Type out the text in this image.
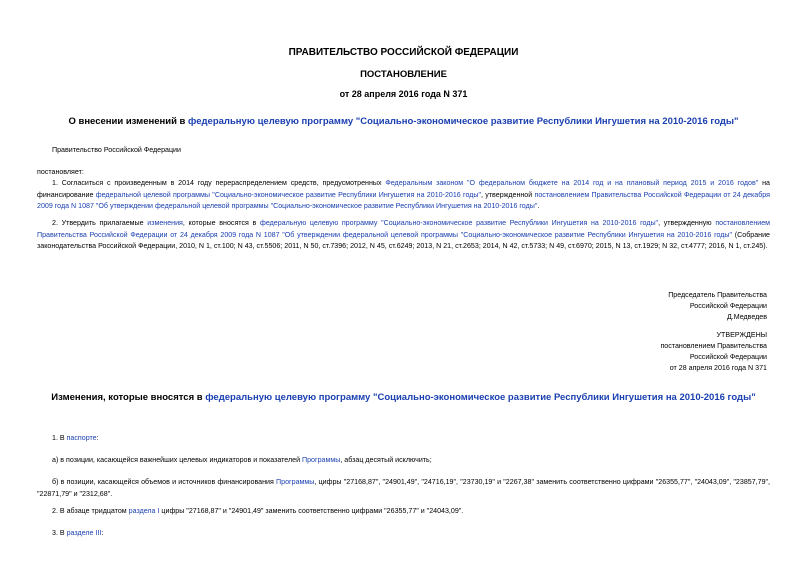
ПРАВИТЕЛЬСТВО РОССИЙСКОЙ ФЕДЕРАЦИИ
ПОСТАНОВЛЕНИЕ
от 28 апреля 2016 года N 371
О внесении изменений в федеральную целевую программу "Социально-экономическое развитие Республики Ингушетия на 2010-2016 годы"
Правительство Российской Федерации
постановляет:
1. Согласиться с произведенным в 2014 году перераспределением средств, предусмотренных Федеральным законом "О федеральном бюджете на 2014 год и на плановый период 2015 и 2016 годов" на финансирование федеральной целевой программы "Социально-экономическое развитие Республики Ингушетия на 2010-2016 годы", утвержденной постановлением Правительства Российской Федерации от 24 декабря 2009 года N 1087 "Об утверждении федеральной целевой программы "Социально-экономическое развитие Республики Ингушетия на 2010-2016 годы".
2. Утвердить прилагаемые изменения, которые вносятся в федеральную целевую программу "Социально-экономическое развитие Республики Ингушетия на 2010-2016 годы", утвержденную постановлением Правительства Российской Федерации от 24 декабря 2009 года N 1087 "Об утверждении федеральной целевой программы "Социально-экономическое развитие Республики Ингушетия на 2010-2016 годы" (Собрание законодательства Российской Федерации, 2010, N 1, ст.100; N 43, ст.5506; 2011, N 50, ст.7396; 2012, N 45, ст.6249; 2013, N 21, ст.2653; 2014, N 42, ст.5733; N 49, ст.6970; 2015, N 13, ст.1929; N 32, ст.4777; 2016, N 1, ст.245).
Председатель Правительства
Российской Федерации
Д.Медведев
УТВЕРЖДЕНЫ
постановлением Правительства
Российской Федерации
от 28 апреля 2016 года N 371
Изменения, которые вносятся в федеральную целевую программу "Социально-экономическое развитие Республики Ингушетия на 2010-2016 годы"
1. В паспорте:
а) в позиции, касающейся важнейших целевых индикаторов и показателей Программы, абзац десятый исключить;
б) в позиции, касающейся объемов и источников финансирования Программы, цифры "27168,87", "24901,49", "24716,19", "23730,19" и "2267,38" заменить соответственно цифрами "26355,77", "24043,09", "23857,79", "22871,79" и "2312,68".
2. В абзаце тридцатом раздела I цифры "27168,87" и "24901,49" заменить соответственно цифрами "26355,77" и "24043,09".
3. В разделе III:
